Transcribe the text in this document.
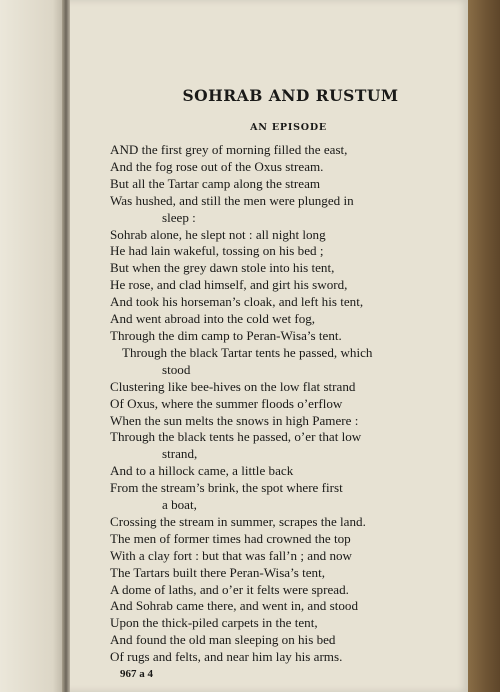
SOHRAB AND RUSTUM
AN EPISODE
AND the first grey of morning filled the east,
And the fog rose out of the Oxus stream.
But all the Tartar camp along the stream
Was hushed, and still the men were plunged in
sleep :
Sohrab alone, he slept not : all night long
He had lain wakeful, tossing on his bed ;
But when the grey dawn stole into his tent,
He rose, and clad himself, and girt his sword,
And took his horseman’s cloak, and left his tent,
And went abroad into the cold wet fog,
Through the dim camp to Peran-Wisa’s tent.
Through the black Tartar tents he passed, which
stood
Clustering like bee-hives on the low flat strand
Of Oxus, where the summer floods o’erflow
When the sun melts the snows in high Pamere :
Through the black tents he passed, o’er that low
strand,
And to a hillock came, a little back
From the stream’s brink, the spot where first
a boat,
Crossing the stream in summer, scrapes the land.
The men of former times had crowned the top
With a clay fort : but that was fall’n ; and now
The Tartars built there Peran-Wisa’s tent,
A dome of laths, and o’er it felts were spread.
And Sohrab came there, and went in, and stood
Upon the thick-piled carpets in the tent,
And found the old man sleeping on his bed
Of rugs and felts, and near him lay his arms.
967 a 4
